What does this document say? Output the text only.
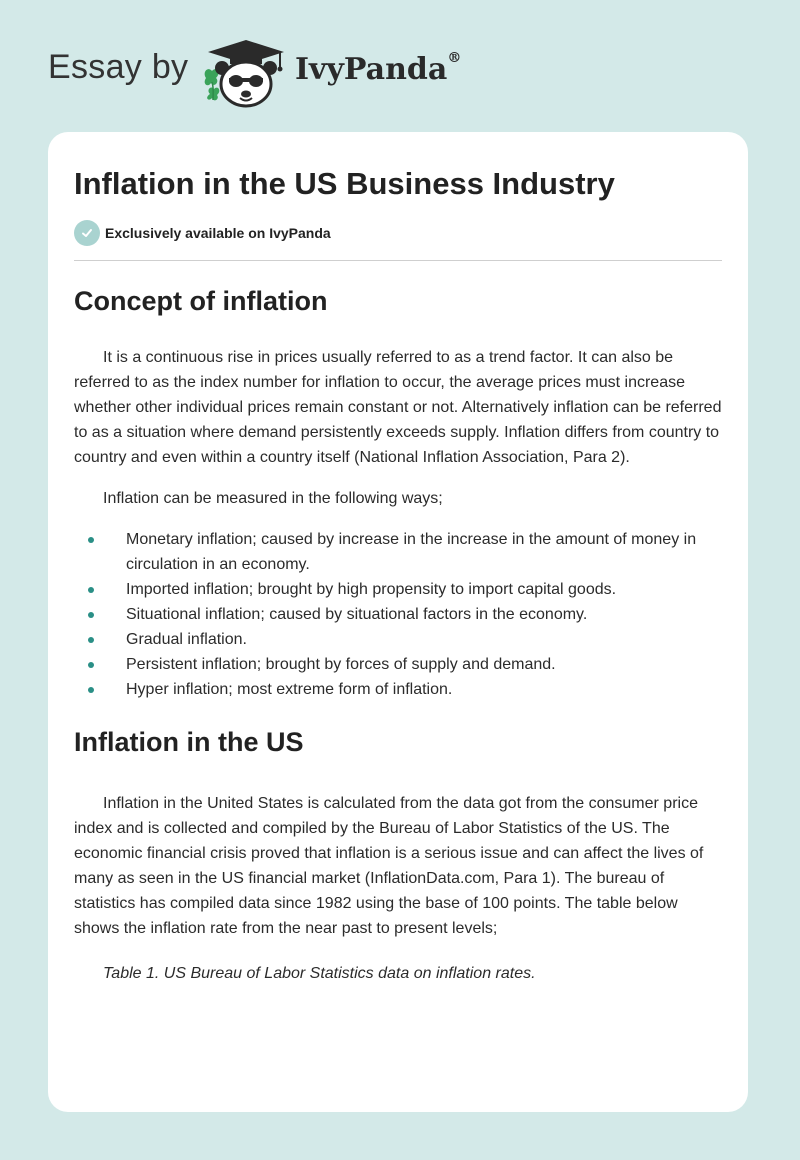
Essay by	IvyPanda®
Inflation in the US Business Industry
Exclusively available on IvyPanda
Concept of inflation

It is a continuous rise in prices usually referred to as a trend factor. It can also be referred to as the index number for inflation to occur, the average prices must increase whether other individual prices remain constant or not. Alternatively inflation can be referred to as a situation where demand persistently exceeds supply. Inflation differs from country to country and even within a country itself (National Inflation Association, Para 2).

Inflation can be measured in the following ways;

Monetary inflation; caused by increase in the increase in the amount of money in circulation in an economy.
Imported inflation; brought by high propensity to import capital goods.
Situational inflation; caused by situational factors in the economy.
Gradual inflation.
Persistent inflation; brought by forces of supply and demand.
Hyper inflation; most extreme form of inflation.
Inflation in the US

Inflation in the United States is calculated from the data got from the consumer price index and is collected and compiled by the Bureau of Labor Statistics of the US. The economic financial crisis proved that inflation is a serious issue and can affect the lives of many as seen in the US financial market (InflationData.com, Para 1). The bureau of statistics has compiled data since 1982 using the base of 100 points. The table below shows the inflation rate from the near past to present levels;

Table 1. US Bureau of Labor Statistics data on inflation rates.
